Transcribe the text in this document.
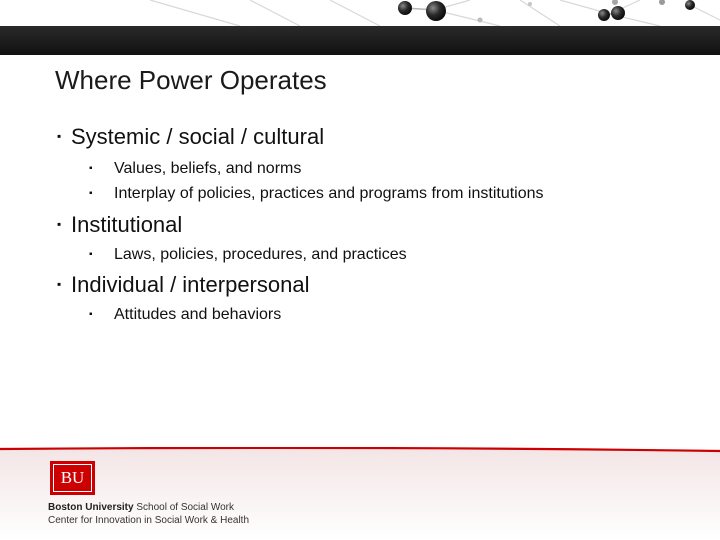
Where Power Operates
▪ Systemic / social / cultural
▪ Values, beliefs, and norms
▪ Interplay of policies, practices and programs from institutions
▪ Institutional
▪ Laws, policies, procedures, and practices
▪ Individual / interpersonal
▪ Attitudes and behaviors
BU
Boston University School of Social Work
Center for Innovation in Social Work & Health
